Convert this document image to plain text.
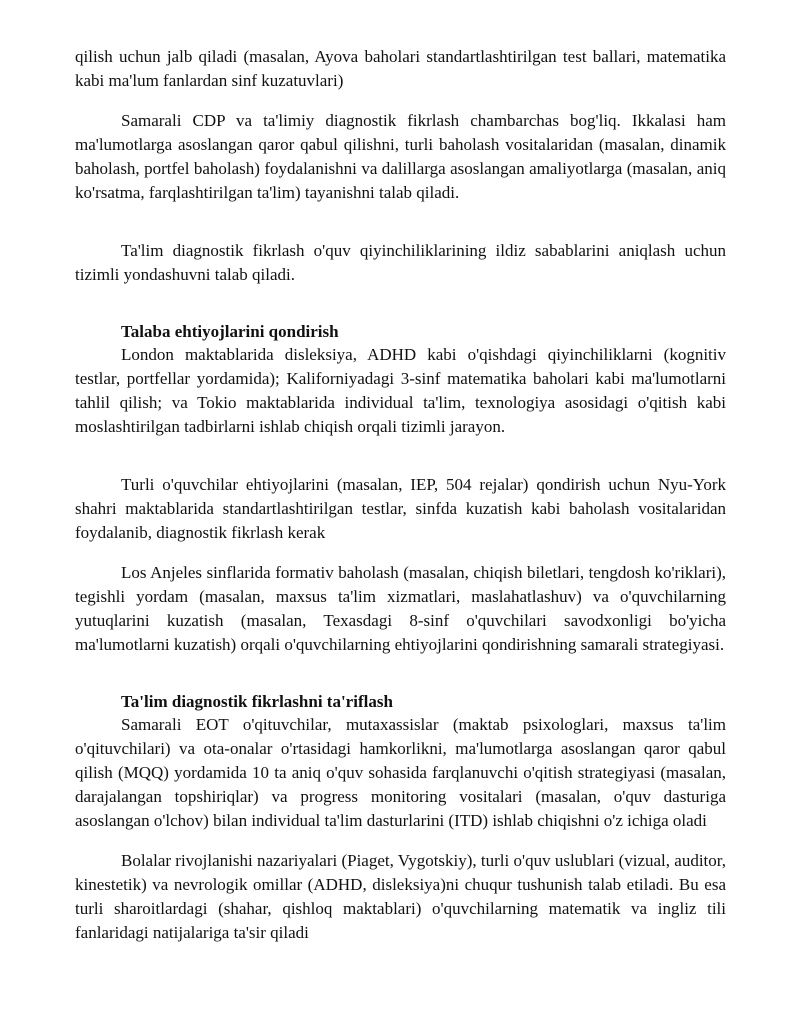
qilish uchun jalb qiladi (masalan, Ayova baholari standartlashtirilgan test ballari, matematika kabi ma'lum fanlardan sinf kuzatuvlari)

Samarali CDP va ta'limiy diagnostik fikrlash chambarchas bog'liq. Ikkalasi ham ma'lumotlarga asoslangan qaror qabul qilishni, turli baholash vositalaridan (masalan, dinamik baholash, portfel baholash) foydalanishni va dalillarga asoslangan amaliyotlarga (masalan, aniq ko'rsatma, farqlashtirilgan ta'lim) tayanishni talab qiladi.

Ta'lim diagnostik fikrlash o'quv qiyinchiliklarining ildiz sabablarini aniqlash uchun tizimli yondashuvni talab qiladi.

Talaba ehtiyojlarini qondirish

London maktablarida disleksiya, ADHD kabi o'qishdagi qiyinchiliklarni (kognitiv testlar, portfellar yordamida); Kaliforniyadagi 3-sinf matematika baholari kabi ma'lumotlarni tahlil qilish; va Tokio maktablarida individual ta'lim, texnologiya asosidagi o'qitish kabi moslashtirilgan tadbirlarni ishlab chiqish orqali tizimli jarayon.

Turli o'quvchilar ehtiyojlarini (masalan, IEP, 504 rejalar) qondirish uchun Nyu-York shahri maktablarida standartlashtirilgan testlar, sinfda kuzatish kabi baholash vositalaridan foydalanib, diagnostik fikrlash kerak

Los Anjeles sinflarida formativ baholash (masalan, chiqish biletlari, tengdosh ko'riklari), tegishli yordam (masalan, maxsus ta'lim xizmatlari, maslahatlashuv) va o'quvchilarning yutuqlarini kuzatish (masalan, Texasdagi 8-sinf o'quvchilari savodxonligi bo'yicha ma'lumotlarni kuzatish) orqali o'quvchilarning ehtiyojlarini qondirishning samarali strategiyasi.

Ta'lim diagnostik fikrlashni ta'riflash

Samarali EOT o'qituvchilar, mutaxassislar (maktab psixologlari, maxsus ta'lim o'qituvchilari) va ota-onalar o'rtasidagi hamkorlikni, ma'lumotlarga asoslangan qaror qabul qilish (MQQ) yordamida 10 ta aniq o'quv sohasida farqlanuvchi o'qitish strategiyasi (masalan, darajalangan topshiriqlar) va progress monitoring vositalari (masalan, o'quv dasturiga asoslangan o'lchov) bilan individual ta'lim dasturlarini (ITD) ishlab chiqishni o'z ichiga oladi

Bolalar rivojlanishi nazariyalari (Piaget, Vygotskiy), turli o'quv uslublari (vizual, auditor, kinestetik) va nevrologik omillar (ADHD, disleksiya)ni chuqur tushunish talab etiladi. Bu esa turli sharoitlardagi (shahar, qishloq maktablari) o'quvchilarning matematik va ingliz tili fanlaridagi natijalariga ta'sir qiladi
